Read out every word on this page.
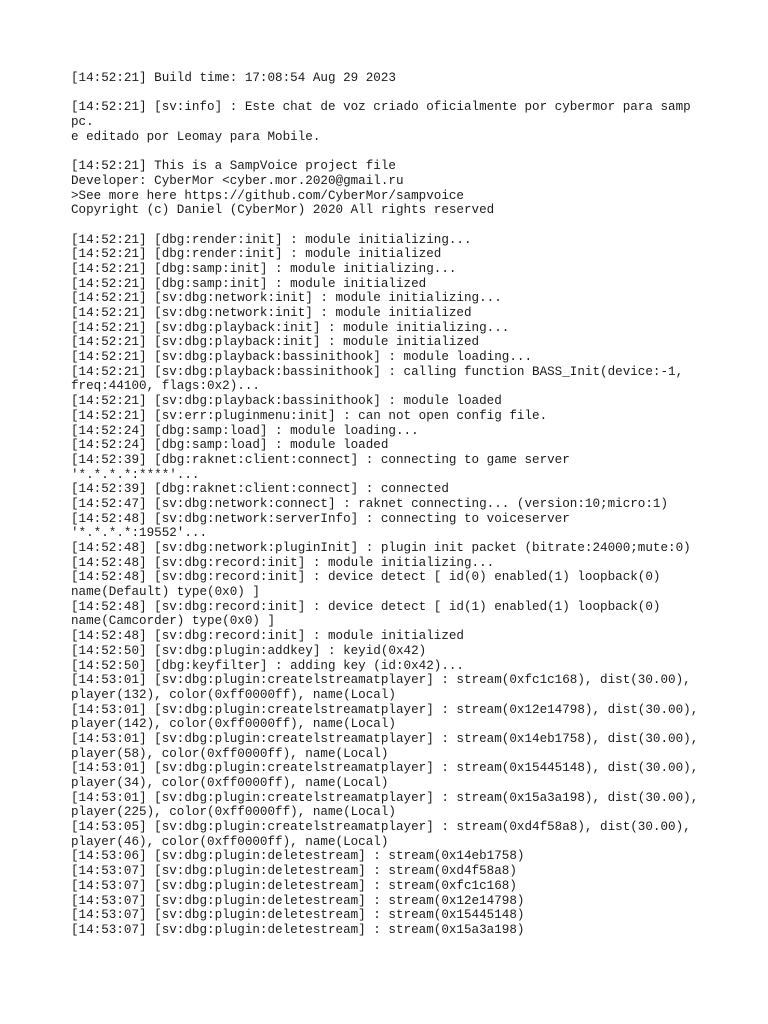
[14:52:21] Build time: 17:08:54 Aug 29 2023
[14:52:21] [sv:info] : Este chat de voz criado oficialmente por cybermor para samp
pc.
e editado por Leomay para Mobile.
[14:52:21] This is a SampVoice project file
Developer: CyberMor <cyber.mor.2020@gmail.ru
>See more here https://github.com/CyberMor/sampvoice
Copyright (c) Daniel (CyberMor) 2020 All rights reserved
[14:52:21] [dbg:render:init] : module initializing...
[14:52:21] [dbg:render:init] : module initialized
[14:52:21] [dbg:samp:init] : module initializing...
[14:52:21] [dbg:samp:init] : module initialized
[14:52:21] [sv:dbg:network:init] : module initializing...
[14:52:21] [sv:dbg:network:init] : module initialized
[14:52:21] [sv:dbg:playback:init] : module initializing...
[14:52:21] [sv:dbg:playback:init] : module initialized
[14:52:21] [sv:dbg:playback:bassinithook] : module loading...
[14:52:21] [sv:dbg:playback:bassinithook] : calling function BASS_Init(device:-1,
freq:44100, flags:0x2)...
[14:52:21] [sv:dbg:playback:bassinithook] : module loaded
[14:52:21] [sv:err:pluginmenu:init] : can not open config file.
[14:52:24] [dbg:samp:load] : module loading...
[14:52:24] [dbg:samp:load] : module loaded
[14:52:39] [dbg:raknet:client:connect] : connecting to game server
'*.*.*.*:****'...
[14:52:39] [dbg:raknet:client:connect] : connected
[14:52:47] [sv:dbg:network:connect] : raknet connecting... (version:10;micro:1)
[14:52:48] [sv:dbg:network:serverInfo] : connecting to voiceserver
'*.*.*.*:19552'...
[14:52:48] [sv:dbg:network:pluginInit] : plugin init packet (bitrate:24000;mute:0)
[14:52:48] [sv:dbg:record:init] : module initializing...
[14:52:48] [sv:dbg:record:init] : device detect [ id(0) enabled(1) loopback(0)
name(Default) type(0x0) ]
[14:52:48] [sv:dbg:record:init] : device detect [ id(1) enabled(1) loopback(0)
name(Camcorder) type(0x0) ]
[14:52:48] [sv:dbg:record:init] : module initialized
[14:52:50] [sv:dbg:plugin:addkey] : keyid(0x42)
[14:52:50] [dbg:keyfilter] : adding key (id:0x42)...
[14:53:01] [sv:dbg:plugin:createlstreamatplayer] : stream(0xfc1c168), dist(30.00),
player(132), color(0xff0000ff), name(Local)
[14:53:01] [sv:dbg:plugin:createlstreamatplayer] : stream(0x12e14798), dist(30.00),
player(142), color(0xff0000ff), name(Local)
[14:53:01] [sv:dbg:plugin:createlstreamatplayer] : stream(0x14eb1758), dist(30.00),
player(58), color(0xff0000ff), name(Local)
[14:53:01] [sv:dbg:plugin:createlstreamatplayer] : stream(0x15445148), dist(30.00),
player(34), color(0xff0000ff), name(Local)
[14:53:01] [sv:dbg:plugin:createlstreamatplayer] : stream(0x15a3a198), dist(30.00),
player(225), color(0xff0000ff), name(Local)
[14:53:05] [sv:dbg:plugin:createlstreamatplayer] : stream(0xd4f58a8), dist(30.00),
player(46), color(0xff0000ff), name(Local)
[14:53:06] [sv:dbg:plugin:deletestream] : stream(0x14eb1758)
[14:53:07] [sv:dbg:plugin:deletestream] : stream(0xd4f58a8)
[14:53:07] [sv:dbg:plugin:deletestream] : stream(0xfc1c168)
[14:53:07] [sv:dbg:plugin:deletestream] : stream(0x12e14798)
[14:53:07] [sv:dbg:plugin:deletestream] : stream(0x15445148)
[14:53:07] [sv:dbg:plugin:deletestream] : stream(0x15a3a198)
